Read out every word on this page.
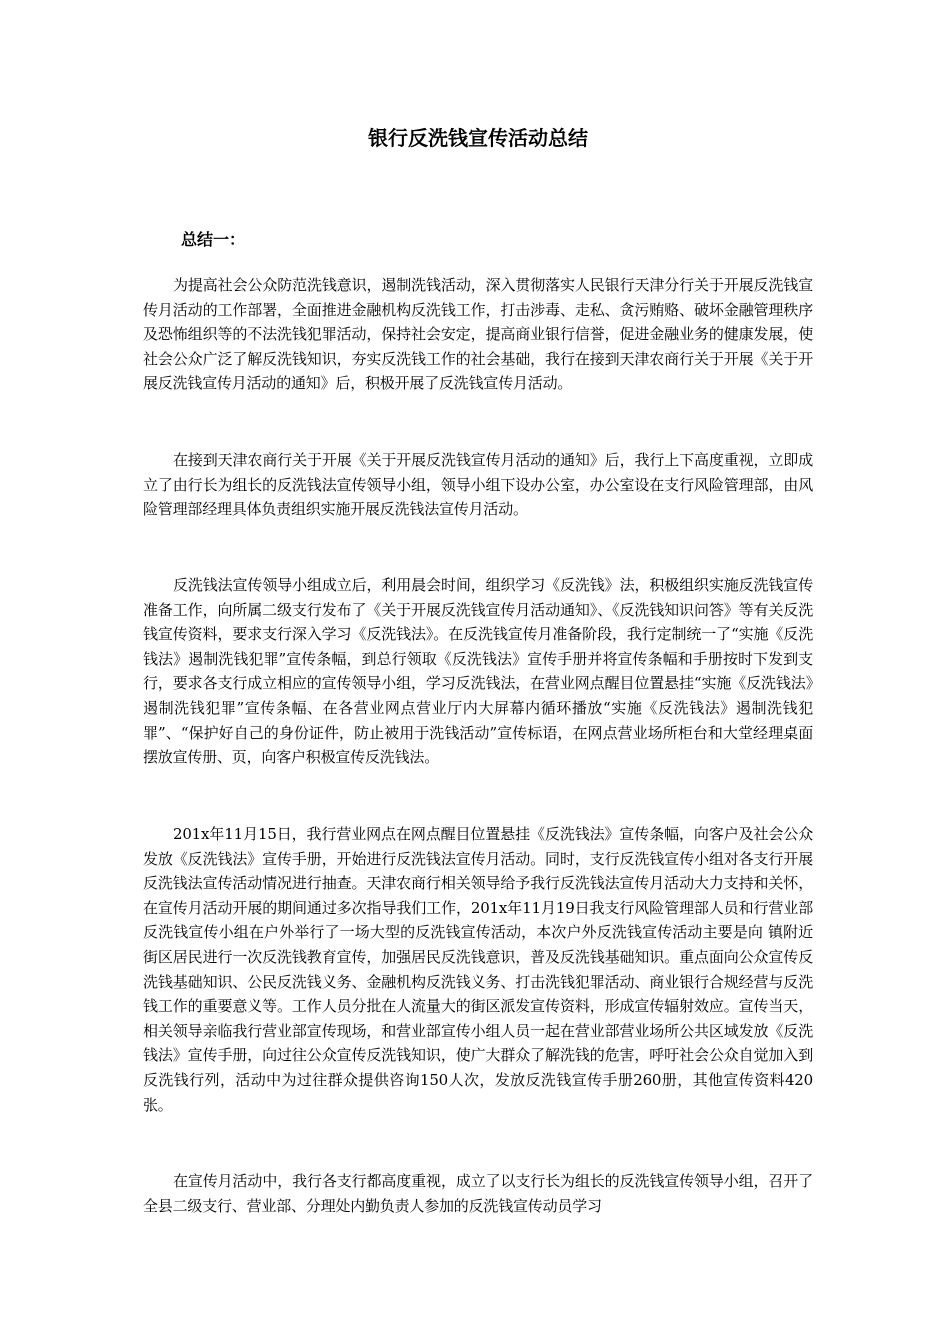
银行反洗钱宣传活动总结
总结一：

为提高社会公众防范洗钱意识，遏制洗钱活动，深入贯彻落实人民银行天津分行关于开展反洗钱宣传月活动的工作部署，全面推进金融机构反洗钱工作，打击涉毒、走私、贪污贿赂、破坏金融管理秩序及恐怖组织等的不法洗钱犯罪活动，保持社会安定，提高商业银行信誉，促进金融业务的健康发展，使社会公众广泛了解反洗钱知识，夯实反洗钱工作的社会基础，我行在接到天津农商行关于开展《关于开展反洗钱宣传月活动的通知》后，积极开展了反洗钱宣传月活动。

在接到天津农商行关于开展《关于开展反洗钱宣传月活动的通知》后，我行上下高度重视，立即成立了由行长为组长的反洗钱法宣传领导小组，领导小组下设办公室，办公室设在支行风险管理部，由风险管理部经理具体负责组织实施开展反洗钱法宣传月活动。

反洗钱法宣传领导小组成立后，利用晨会时间，组织学习《反洗钱》法，积极组织实施反洗钱宣传准备工作，向所属二级支行发布了《关于开展反洗钱宣传月活动通知》、《反洗钱知识问答》等有关反洗钱宣传资料，要求支行深入学习《反洗钱法》。在反洗钱宣传月准备阶段，我行定制统一了“实施《反洗钱法》遏制洗钱犯罪”宣传条幅，到总行领取《反洗钱法》宣传手册并将宣传条幅和手册按时下发到支行，要求各支行成立相应的宣传领导小组，学习反洗钱法，在营业网点醒目位置悬挂“实施《反洗钱法》遏制洗钱犯罪”宣传条幅、在各营业网点营业厅内大屏幕内循环播放“实施《反洗钱法》遏制洗钱犯罪”、“保护好自己的身份证件，防止被用于洗钱活动”宣传标语，在网点营业场所柜台和大堂经理桌面摆放宣传册、页，向客户积极宣传反洗钱法。

201x年11月15日，我行营业网点在网点醒目位置悬挂《反洗钱法》宣传条幅，向客户及社会公众发放《反洗钱法》宣传手册，开始进行反洗钱法宣传月活动。同时，支行反洗钱宣传小组对各支行开展反洗钱法宣传活动情况进行抽查。天津农商行相关领导给予我行反洗钱法宣传月活动大力支持和关怀，在宣传月活动开展的期间通过多次指导我们工作，201x年11月19日我支行风险管理部人员和行营业部反洗钱宣传小组在户外举行了一场大型的反洗钱宣传活动，本次户外反洗钱宣传活动主要是向 镇附近街区居民进行一次反洗钱教育宣传，加强居民反洗钱意识，普及反洗钱基础知识。重点面向公众宣传反洗钱基础知识、公民反洗钱义务、金融机构反洗钱义务、打击洗钱犯罪活动、商业银行合规经营与反洗钱工作的重要意义等。工作人员分批在人流量大的街区派发宣传资料，形成宣传辐射效应。宣传当天，相关领导亲临我行营业部宣传现场，和营业部宣传小组人员一起在营业部营业场所公共区域发放《反洗钱法》宣传手册，向过往公众宣传反洗钱知识，使广大群众了解洗钱的危害，呼吁社会公众自觉加入到反洗钱行列，活动中为过往群众提供咨询150人次，发放反洗钱宣传手册260册，其他宣传资料420张。

在宣传月活动中，我行各支行都高度重视，成立了以支行长为组长的反洗钱宣传领导小组，召开了全县二级支行、营业部、分理处内勤负责人参加的反洗钱宣传动员学习
